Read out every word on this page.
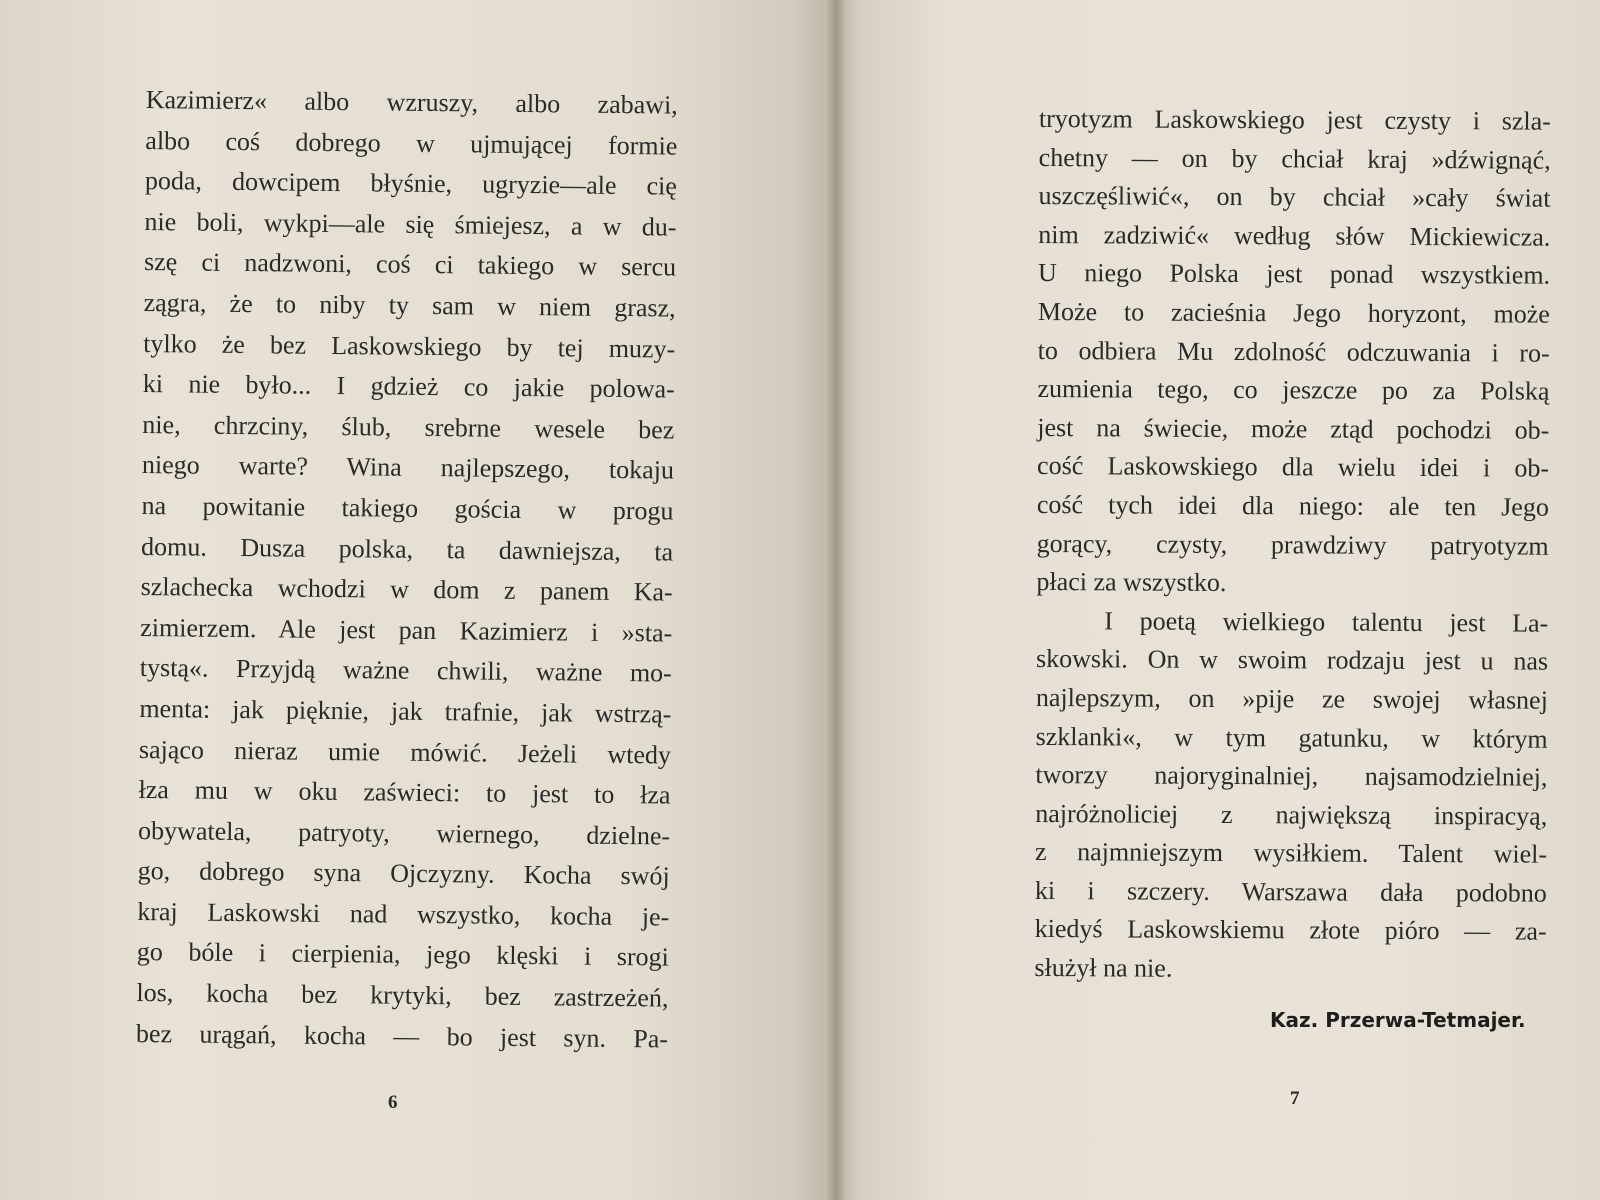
Kazimierz« albo wzruszy, albo zabawi,
albo coś dobrego w ujmującej formie
poda, dowcipem błyśnie, ugryzie—ale cię
nie boli, wykpi—ale się śmiejesz, a w du-
szę ci nadzwoni, coś ci takiego w sercu
zągra, że to niby ty sam w niem grasz,
tylko że bez Laskowskiego by tej muzy-
ki nie było... I gdzież co jakie polowa-
nie, chrzciny, ślub, srebrne wesele bez
niego warte? Wina najlepszego, tokaju
na powitanie takiego gościa w progu
domu. Dusza polska, ta dawniejsza, ta
szlachecka wchodzi w dom z panem Ka-
zimierzem. Ale jest pan Kazimierz i »sta-
tystą«. Przyjdą ważne chwili, ważne mo-
menta: jak pięknie, jak trafnie, jak wstrzą-
sająco nieraz umie mówić. Jeżeli wtedy
łza mu w oku zaświeci: to jest to łza
obywatela, patryoty, wiernego, dzielne-
go, dobrego syna Ojczyzny. Kocha swój
kraj Laskowski nad wszystko, kocha je-
go bóle i cierpienia, jego klęski i srogi
los, kocha bez krytyki, bez zastrzeżeń,
bez urągań, kocha — bo jest syn. Pa-
6
tryotyzm Laskowskiego jest czysty i szla-
chetny — on by chciał kraj »dźwignąć,
uszczęśliwić«, on by chciał »cały świat
nim zadziwić« według słów Mickiewicza.
U niego Polska jest ponad wszystkiem.
Może to zacieśnia Jego horyzont, może
to odbiera Mu zdolność odczuwania i ro-
zumienia tego, co jeszcze po za Polską
jest na świecie, może ztąd pochodzi ob-
cość Laskowskiego dla wielu idei i ob-
cość tych idei dla niego: ale ten Jego
gorący, czysty, prawdziwy patryotyzm
płaci za wszystko.
I poetą wielkiego talentu jest La-
skowski. On w swoim rodzaju jest u nas
najlepszym, on »pije ze swojej własnej
szklanki«, w tym gatunku, w którym
tworzy najoryginalniej, najsamodzielniej,
najróżnoliciej z największą inspiracyą,
z najmniejszym wysiłkiem. Talent wiel-
ki i szczery. Warszawa dała podobno
kiedyś Laskowskiemu złote pióro — za-
służył na nie.
Kaz. Przerwa-Tetmajer.
7
